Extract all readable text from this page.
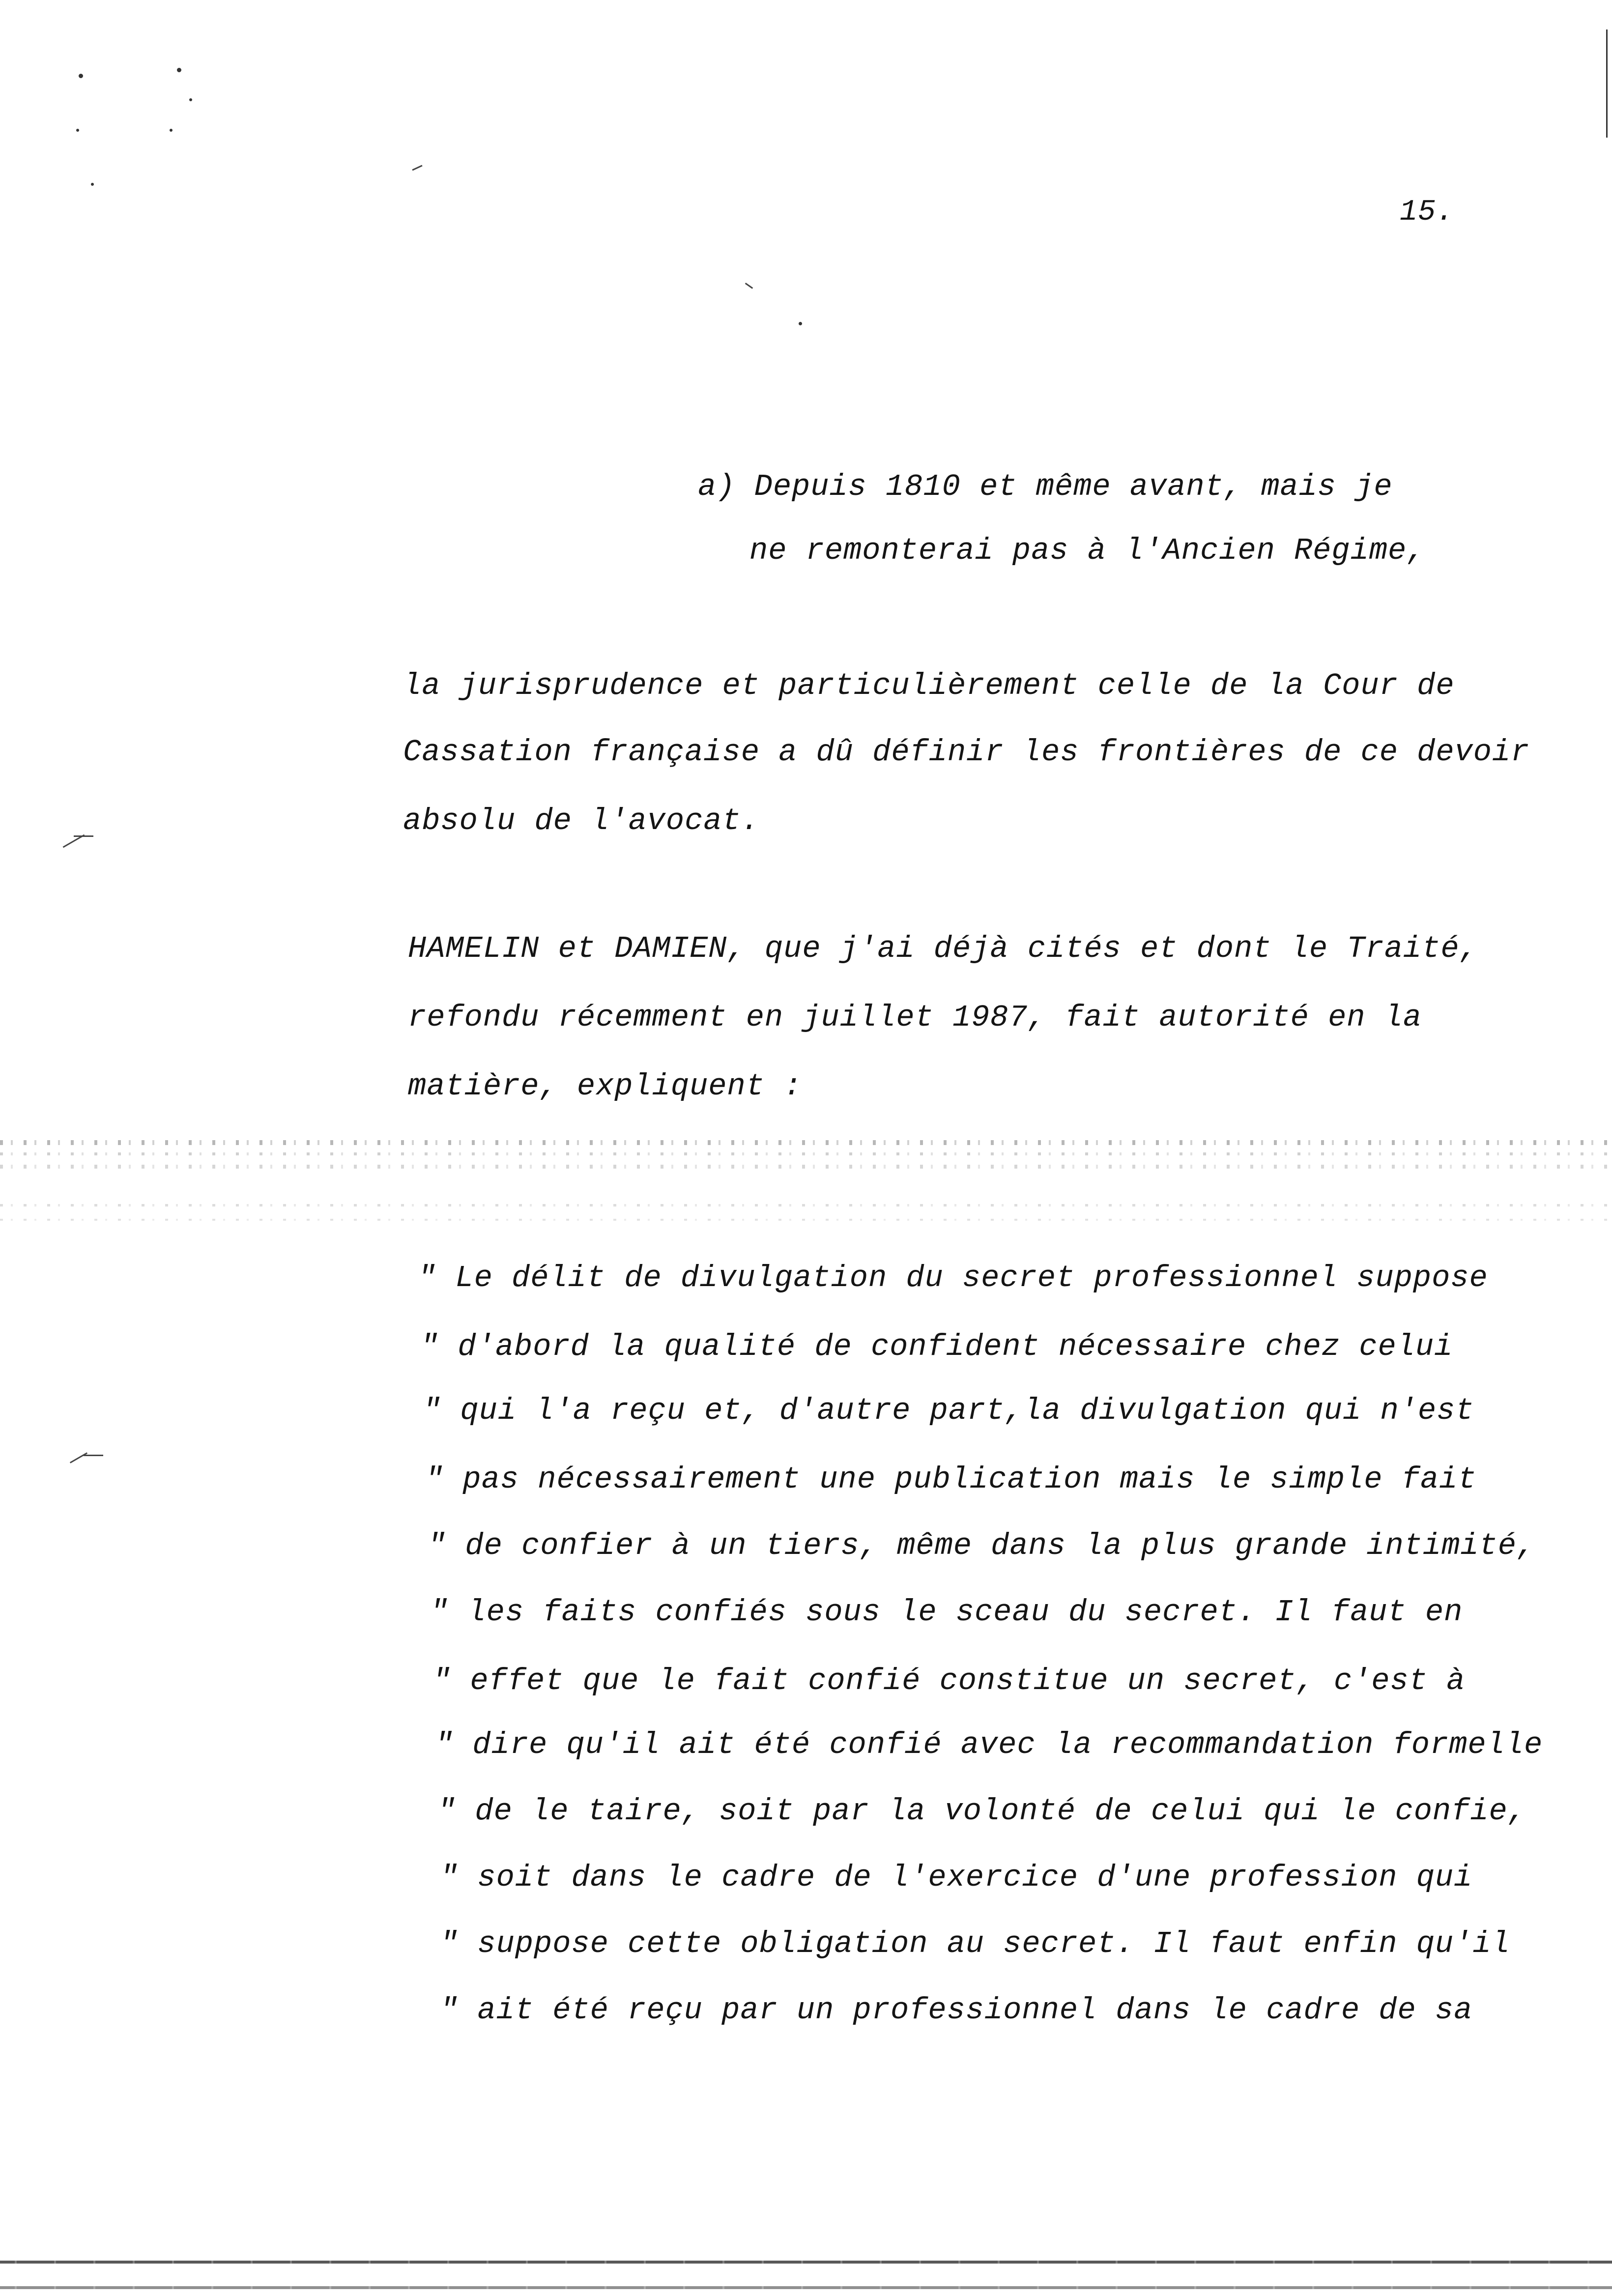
15.
a) Depuis 1810 et même avant, mais je
ne remonterai pas à l'Ancien Régime,
la jurisprudence et particulièrement celle de la Cour de
Cassation française a dû définir les frontières de ce devoir
absolu de l'avocat.
HAMELIN et DAMIEN, que j'ai déjà cités et dont le Traité,
refondu récemment en juillet 1987, fait autorité en la
matière, expliquent :
" Le délit de divulgation du secret professionnel suppose
" d'abord la qualité de confident nécessaire chez celui
" qui l'a reçu et, d'autre part,la divulgation qui n'est
" pas nécessairement une publication mais le simple fait
" de confier à un tiers, même dans la plus grande intimité,
" les faits confiés sous le sceau du secret. Il faut en
" effet que le fait confié constitue un secret, c'est à
" dire qu'il ait été confié avec la recommandation formelle
" de le taire, soit par la volonté de celui qui le confie,
" soit dans le cadre de l'exercice d'une profession qui
" suppose cette obligation au secret. Il faut enfin qu'il
" ait été reçu par un professionnel dans le cadre de sa
